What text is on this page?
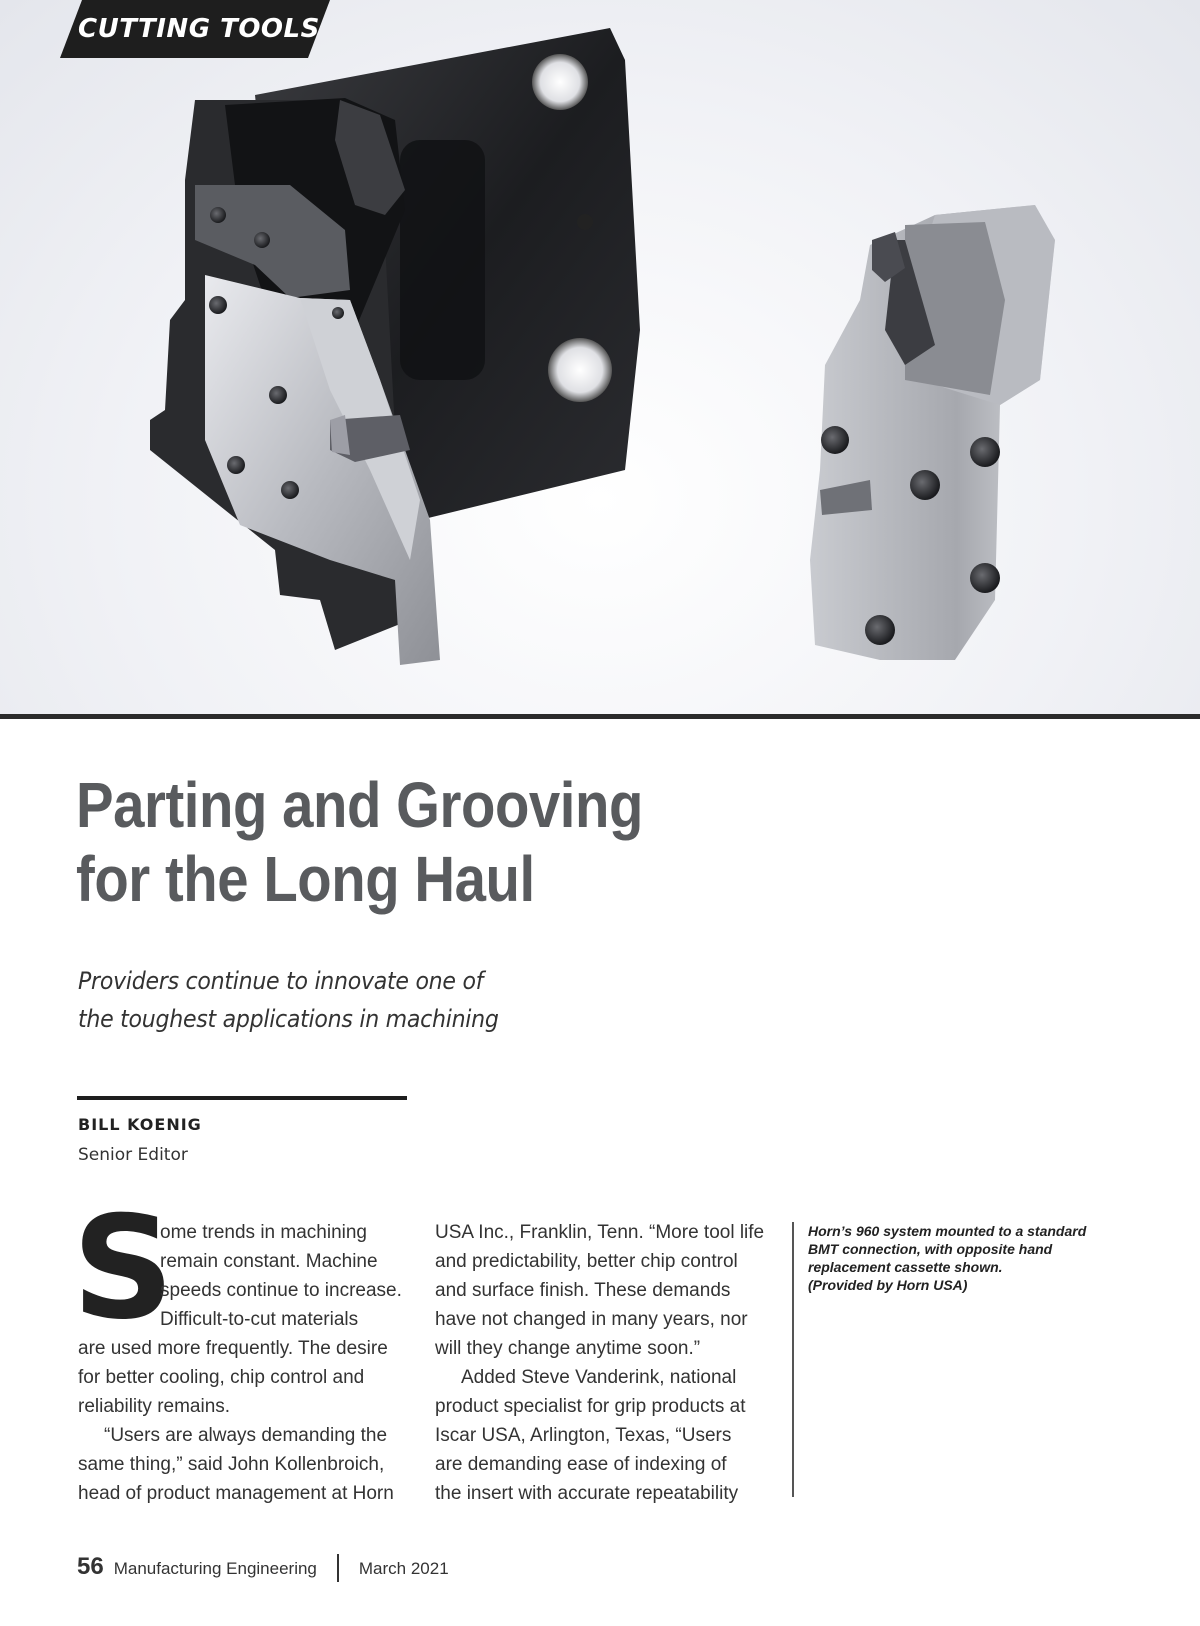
CUTTING TOOLS
Parting and Grooving
for the Long Haul

Providers continue to innovate one of
the toughest applications in machining

BILL KOENIG
Senior Editor
S
ome trends in machining
remain constant. Machine
speeds continue to increase.
Difficult-to-cut materials
are used more frequently. The desire
for better cooling, chip control and
reliability remains.
“Users are always demanding the
same thing,” said John Kollenbroich,
head of product management at Horn
USA Inc., Franklin, Tenn. “More tool life
and predictability, better chip control
and surface finish. These demands
have not changed in many years, nor
will they change anytime soon.”
Added Steve Vanderink, national
product specialist for grip products at
Iscar USA, Arlington, Texas, “Users
are demanding ease of indexing of
the insert with accurate repeatability

Horn’s 960 system mounted to a standard
BMT connection, with opposite hand
replacement cassette shown.
(Provided by Horn USA)

56 Manufacturing Engineering March 2021
